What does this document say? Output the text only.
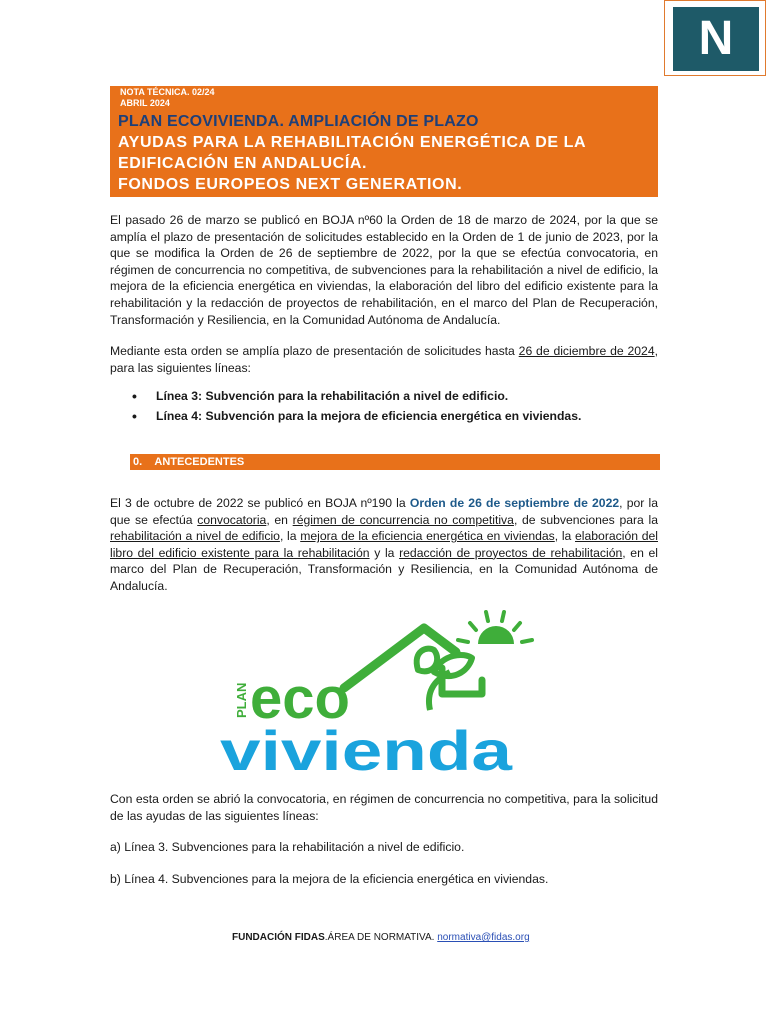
N
NOTA TÉCNICA. 02/24
ABRIL 2024
PLAN ECOVIVIENDA. AMPLIACIÓN DE PLAZO
AYUDAS PARA LA REHABILITACIÓN ENERGÉTICA DE LA
EDIFICACIÓN EN ANDALUCÍA.
FONDOS EUROPEOS NEXT GENERATION.

El pasado 26 de marzo se publicó en BOJA nº60 la Orden de 18 de marzo de 2024, por la que se amplía el plazo de presentación de solicitudes establecido en la Orden de 1 de junio de 2023, por la que se modifica la Orden de 26 de septiembre de 2022, por la que se efectúa convocatoria, en régimen de concurrencia no competitiva, de subvenciones para la rehabilitación a nivel de edificio, la mejora de la eficiencia energética en viviendas, la elaboración del libro del edificio existente para la rehabilitación y la redacción de proyectos de rehabilitación, en el marco del Plan de Recuperación, Transformación y Resiliencia, en la Comunidad Autónoma de Andalucía.

Mediante esta orden se amplía plazo de presentación de solicitudes hasta 26 de diciembre de 2024, para las siguientes líneas:

• Línea 3: Subvención para la rehabilitación a nivel de edificio.
• Línea 4: Subvención para la mejora de eficiencia energética en viviendas.
0. ANTECEDENTES

El 3 de octubre de 2022 se publicó en BOJA nº190 la Orden de 26 de septiembre de 2022, por la que se efectúa convocatoria, en régimen de concurrencia no competitiva, de subvenciones para la rehabilitación a nivel de edificio, la mejora de la eficiencia energética en viviendas, la elaboración del libro del edificio existente para la rehabilitación y la redacción de proyectos de rehabilitación, en el marco del Plan de Recuperación, Transformación y Resiliencia, en la Comunidad Autónoma de Andalucía.

PLAN eco
vivienda

Con esta orden se abrió la convocatoria, en régimen de concurrencia no competitiva, para la solicitud de las ayudas de las siguientes líneas:

a) Línea 3. Subvenciones para la rehabilitación a nivel de edificio.

b) Línea 4. Subvenciones para la mejora de la eficiencia energética en viviendas.

FUNDACIÓN FIDAS.ÁREA DE NORMATIVA. normativa@fidas.org
